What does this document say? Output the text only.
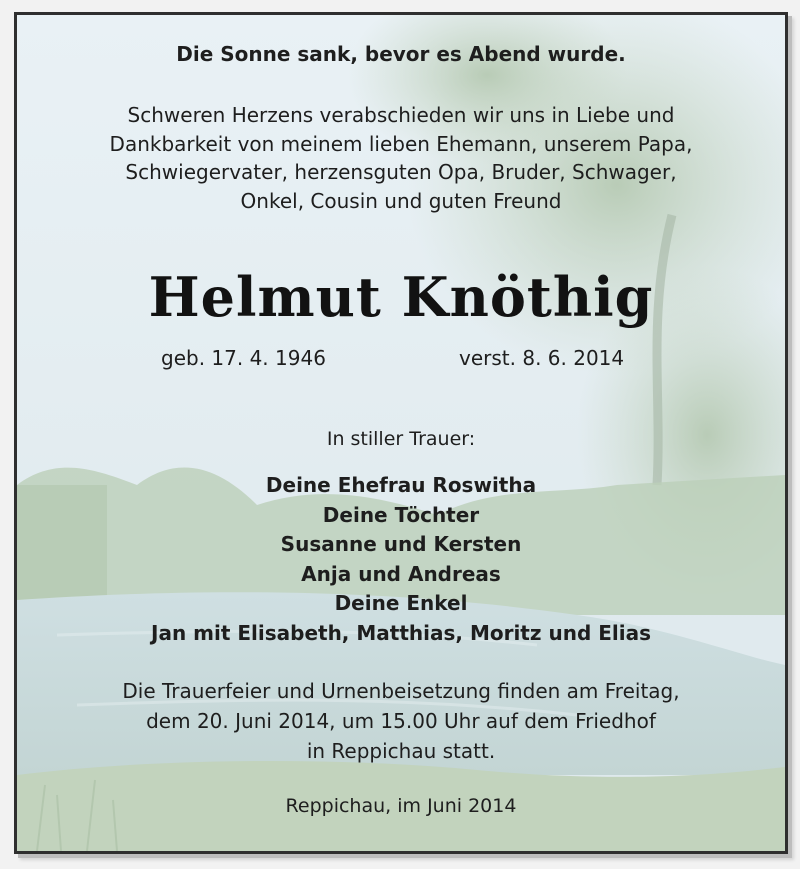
Die Sonne sank, bevor es Abend wurde.
Schweren Herzens verabschieden wir uns in Liebe und
Dankbarkeit von meinem lieben Ehemann, unserem Papa,
Schwiegervater, herzensguten Opa, Bruder, Schwager,
Onkel, Cousin und guten Freund
Helmut Knöthig
geb. 17. 4. 1946	verst. 8. 6. 2014
In stiller Trauer:
Deine Ehefrau Roswitha
Deine Töchter
Susanne und Kersten
Anja und Andreas
Deine Enkel
Jan mit Elisabeth, Matthias, Moritz und Elias
Die Trauerfeier und Urnenbeisetzung finden am Freitag,
dem 20. Juni 2014, um 15.00 Uhr auf dem Friedhof
in Reppichau statt.
Reppichau, im Juni 2014
